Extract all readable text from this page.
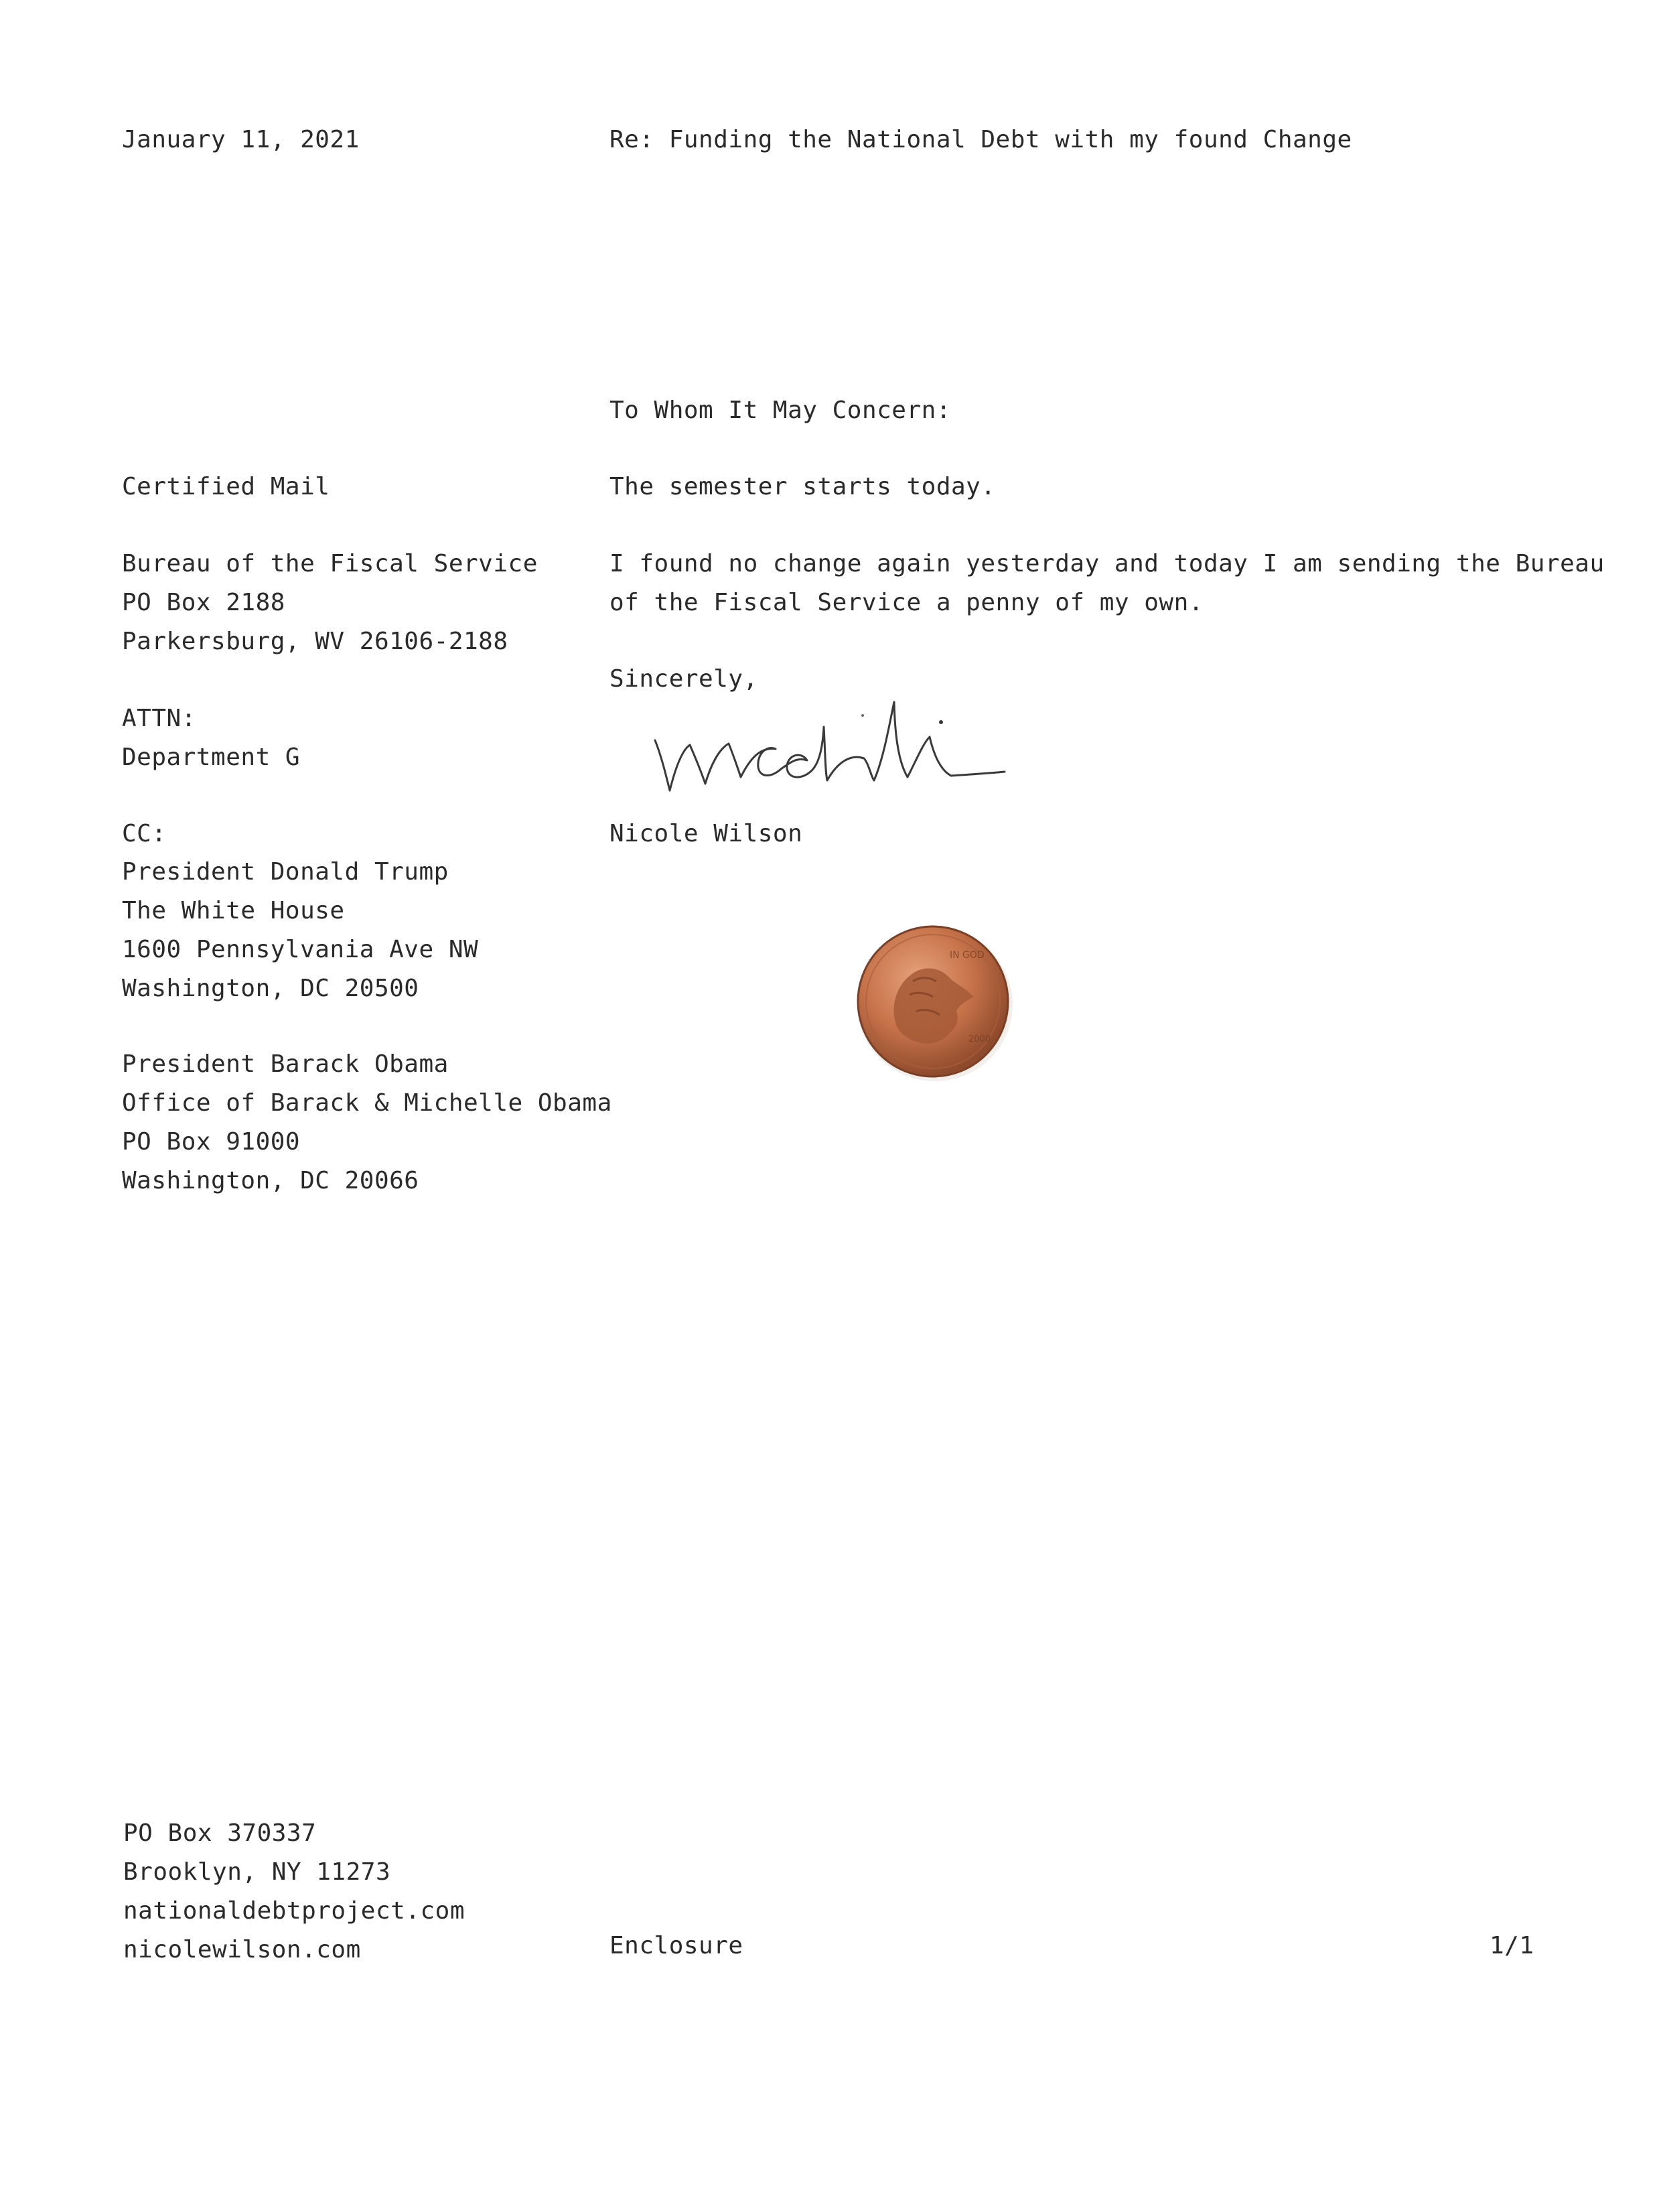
January 11, 2021	Re: Funding the National Debt with my found Change
To Whom It May Concern:
Certified Mail	The semester starts today.
Bureau of the Fiscal Service
PO Box 2188
Parkersburg, WV 26106-2188
I found no change again yesterday and today I am sending the Bureau
of the Fiscal Service a penny of my own.
Sincerely,
ATTN:
Department G
CC:	Nicole Wilson
President Donald Trump
The White House
1600 Pennsylvania Ave NW
Washington, DC 20500
IN GOD
2000
President Barack Obama
Office of Barack & Michelle Obama
PO Box 91000
Washington, DC 20066
PO Box 370337
Brooklyn, NY 11273
nationaldebtproject.com
nicolewilson.com	Enclosure	1/1
